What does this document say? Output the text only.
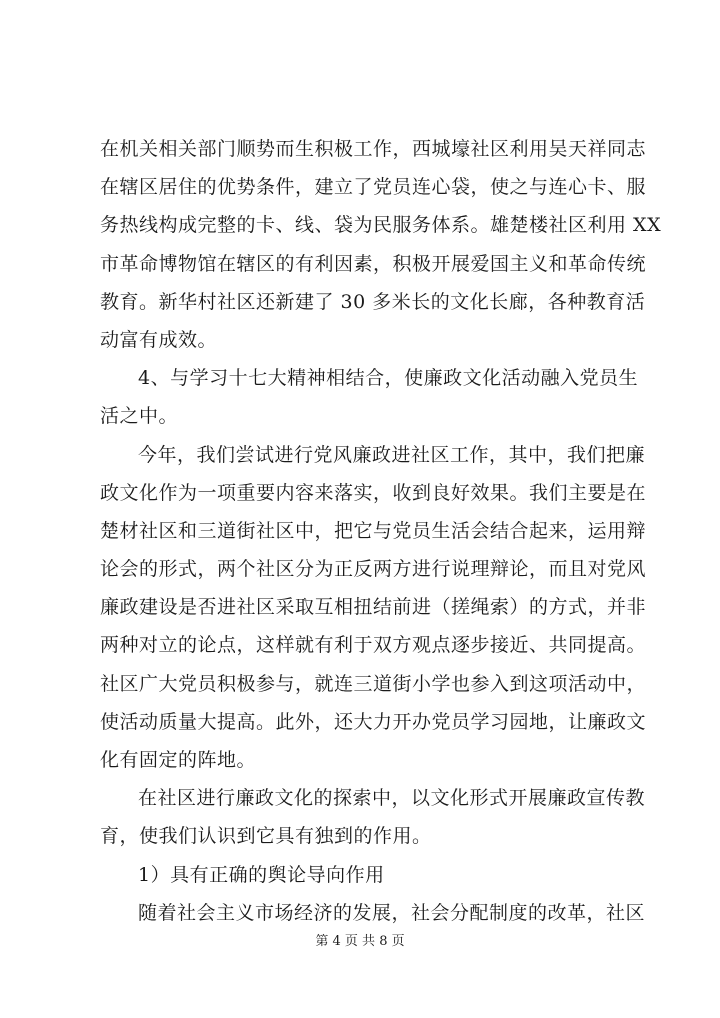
在机关相关部门顺势而生积极工作，西城壕社区利用吴天祥同志
在辖区居住的优势条件，建立了党员连心袋，使之与连心卡、服
务热线构成完整的卡、线、袋为民服务体系。雄楚楼社区利用 XX
市革命博物馆在辖区的有利因素，积极开展爱国主义和革命传统
教育。新华村社区还新建了 30 多米长的文化长廊，各种教育活
动富有成效。
4、与学习十七大精神相结合，使廉政文化活动融入党员生
活之中。
今年，我们尝试进行党风廉政进社区工作，其中，我们把廉
政文化作为一项重要内容来落实，收到良好效果。我们主要是在
楚材社区和三道街社区中，把它与党员生活会结合起来，运用辩
论会的形式，两个社区分为正反两方进行说理辩论，而且对党风
廉政建设是否进社区采取互相扭结前进（搓绳索）的方式，并非
两种对立的论点，这样就有利于双方观点逐步接近、共同提高。
社区广大党员积极参与，就连三道街小学也参入到这项活动中，
使活动质量大提高。此外，还大力开办党员学习园地，让廉政文
化有固定的阵地。
在社区进行廉政文化的探索中，以文化形式开展廉政宣传教
育，使我们认识到它具有独到的作用。
1）具有正确的舆论导向作用
随着社会主义市场经济的发展，社会分配制度的改革，社区
第 4 页 共 8 页
